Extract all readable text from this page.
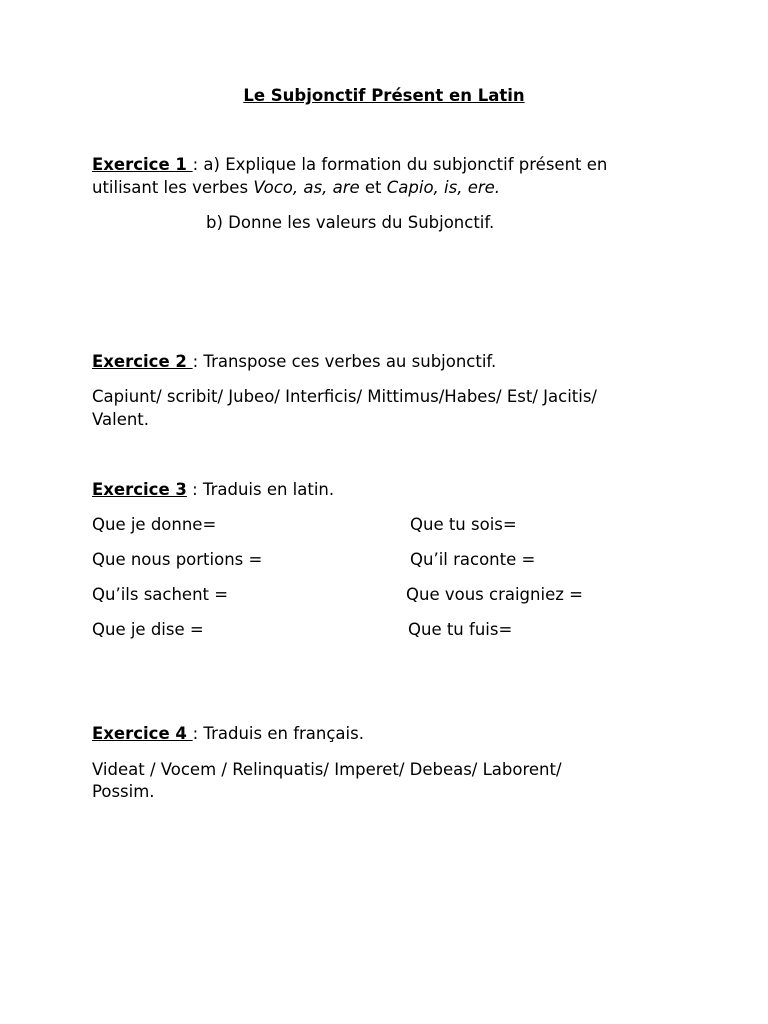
Le Subjonctif Présent en Latin
Exercice 1 : a) Explique la formation du subjonctif présent en
utilisant les verbes Voco, as, are et Capio, is, ere.
b) Donne les valeurs du Subjonctif.
Exercice 2 : Transpose ces verbes au subjonctif.
Capiunt/ scribit/ Jubeo/ Interficis/ Mittimus/Habes/ Est/ Jacitis/
Valent.
Exercice 3 : Traduis en latin.
Que je donne=	Que tu sois=
Que nous portions =	Qu’il raconte =
Qu’ils sachent =	Que vous craigniez =
Que je dise =	Que tu fuis=
Exercice 4 : Traduis en français.
Videat / Vocem / Relinquatis/ Imperet/ Debeas/ Laborent/
Possim.
